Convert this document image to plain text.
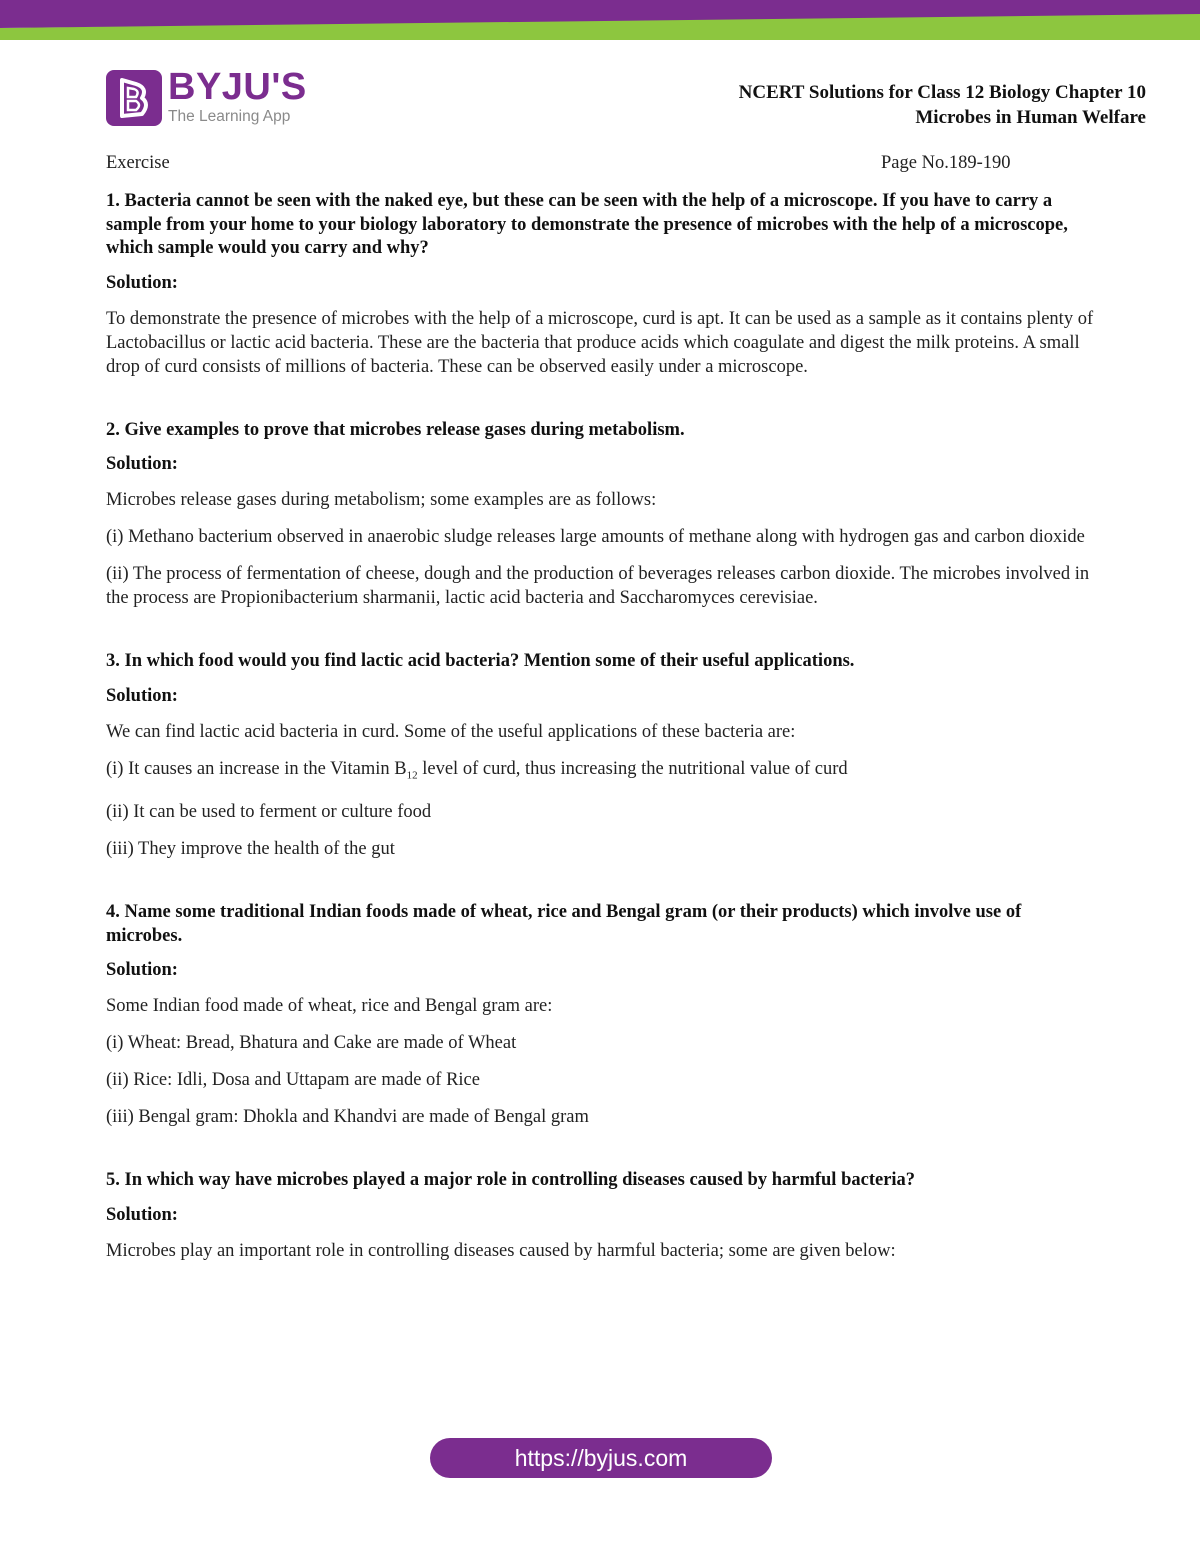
BYJU'S
The Learning App
NCERT Solutions for Class 12 Biology Chapter 10
Microbes in Human Welfare
Exercise	Page No.189-190

1. Bacteria cannot be seen with the naked eye, but these can be seen with the help of a microscope. If you have to carry a sample from your home to your biology laboratory to demonstrate the presence of microbes with the help of a microscope, which sample would you carry and why?

Solution:

To demonstrate the presence of microbes with the help of a microscope, curd is apt. It can be used as a sample as it contains plenty of Lactobacillus or lactic acid bacteria. These are the bacteria that produce acids which coagulate and digest the milk proteins. A small drop of curd consists of millions of bacteria. These can be observed easily under a microscope.

2. Give examples to prove that microbes release gases during metabolism.

Solution:

Microbes release gases during metabolism; some examples are as follows:

(i) Methano bacterium observed in anaerobic sludge releases large amounts of methane along with hydrogen gas and carbon dioxide

(ii) The process of fermentation of cheese, dough and the production of beverages releases carbon dioxide. The microbes involved in the process are Propionibacterium sharmanii, lactic acid bacteria and Saccharomyces cerevisiae.

3. In which food would you find lactic acid bacteria? Mention some of their useful applications.

Solution:

We can find lactic acid bacteria in curd. Some of the useful applications of these bacteria are:

(i) It causes an increase in the Vitamin $B_{12}$ level of curd, thus increasing the nutritional value of curd

(ii) It can be used to ferment or culture food

(iii) They improve the health of the gut

4. Name some traditional Indian foods made of wheat, rice and Bengal gram (or their products) which involve use of microbes.

Solution:

Some Indian food made of wheat, rice and Bengal gram are:

(i) Wheat: Bread, Bhatura and Cake are made of Wheat

(ii) Rice: Idli, Dosa and Uttapam are made of Rice

(iii) Bengal gram: Dhokla and Khandvi are made of Bengal gram

5. In which way have microbes played a major role in controlling diseases caused by harmful bacteria?

Solution:

Microbes play an important role in controlling diseases caused by harmful bacteria; some are given below:

https://byjus.com
